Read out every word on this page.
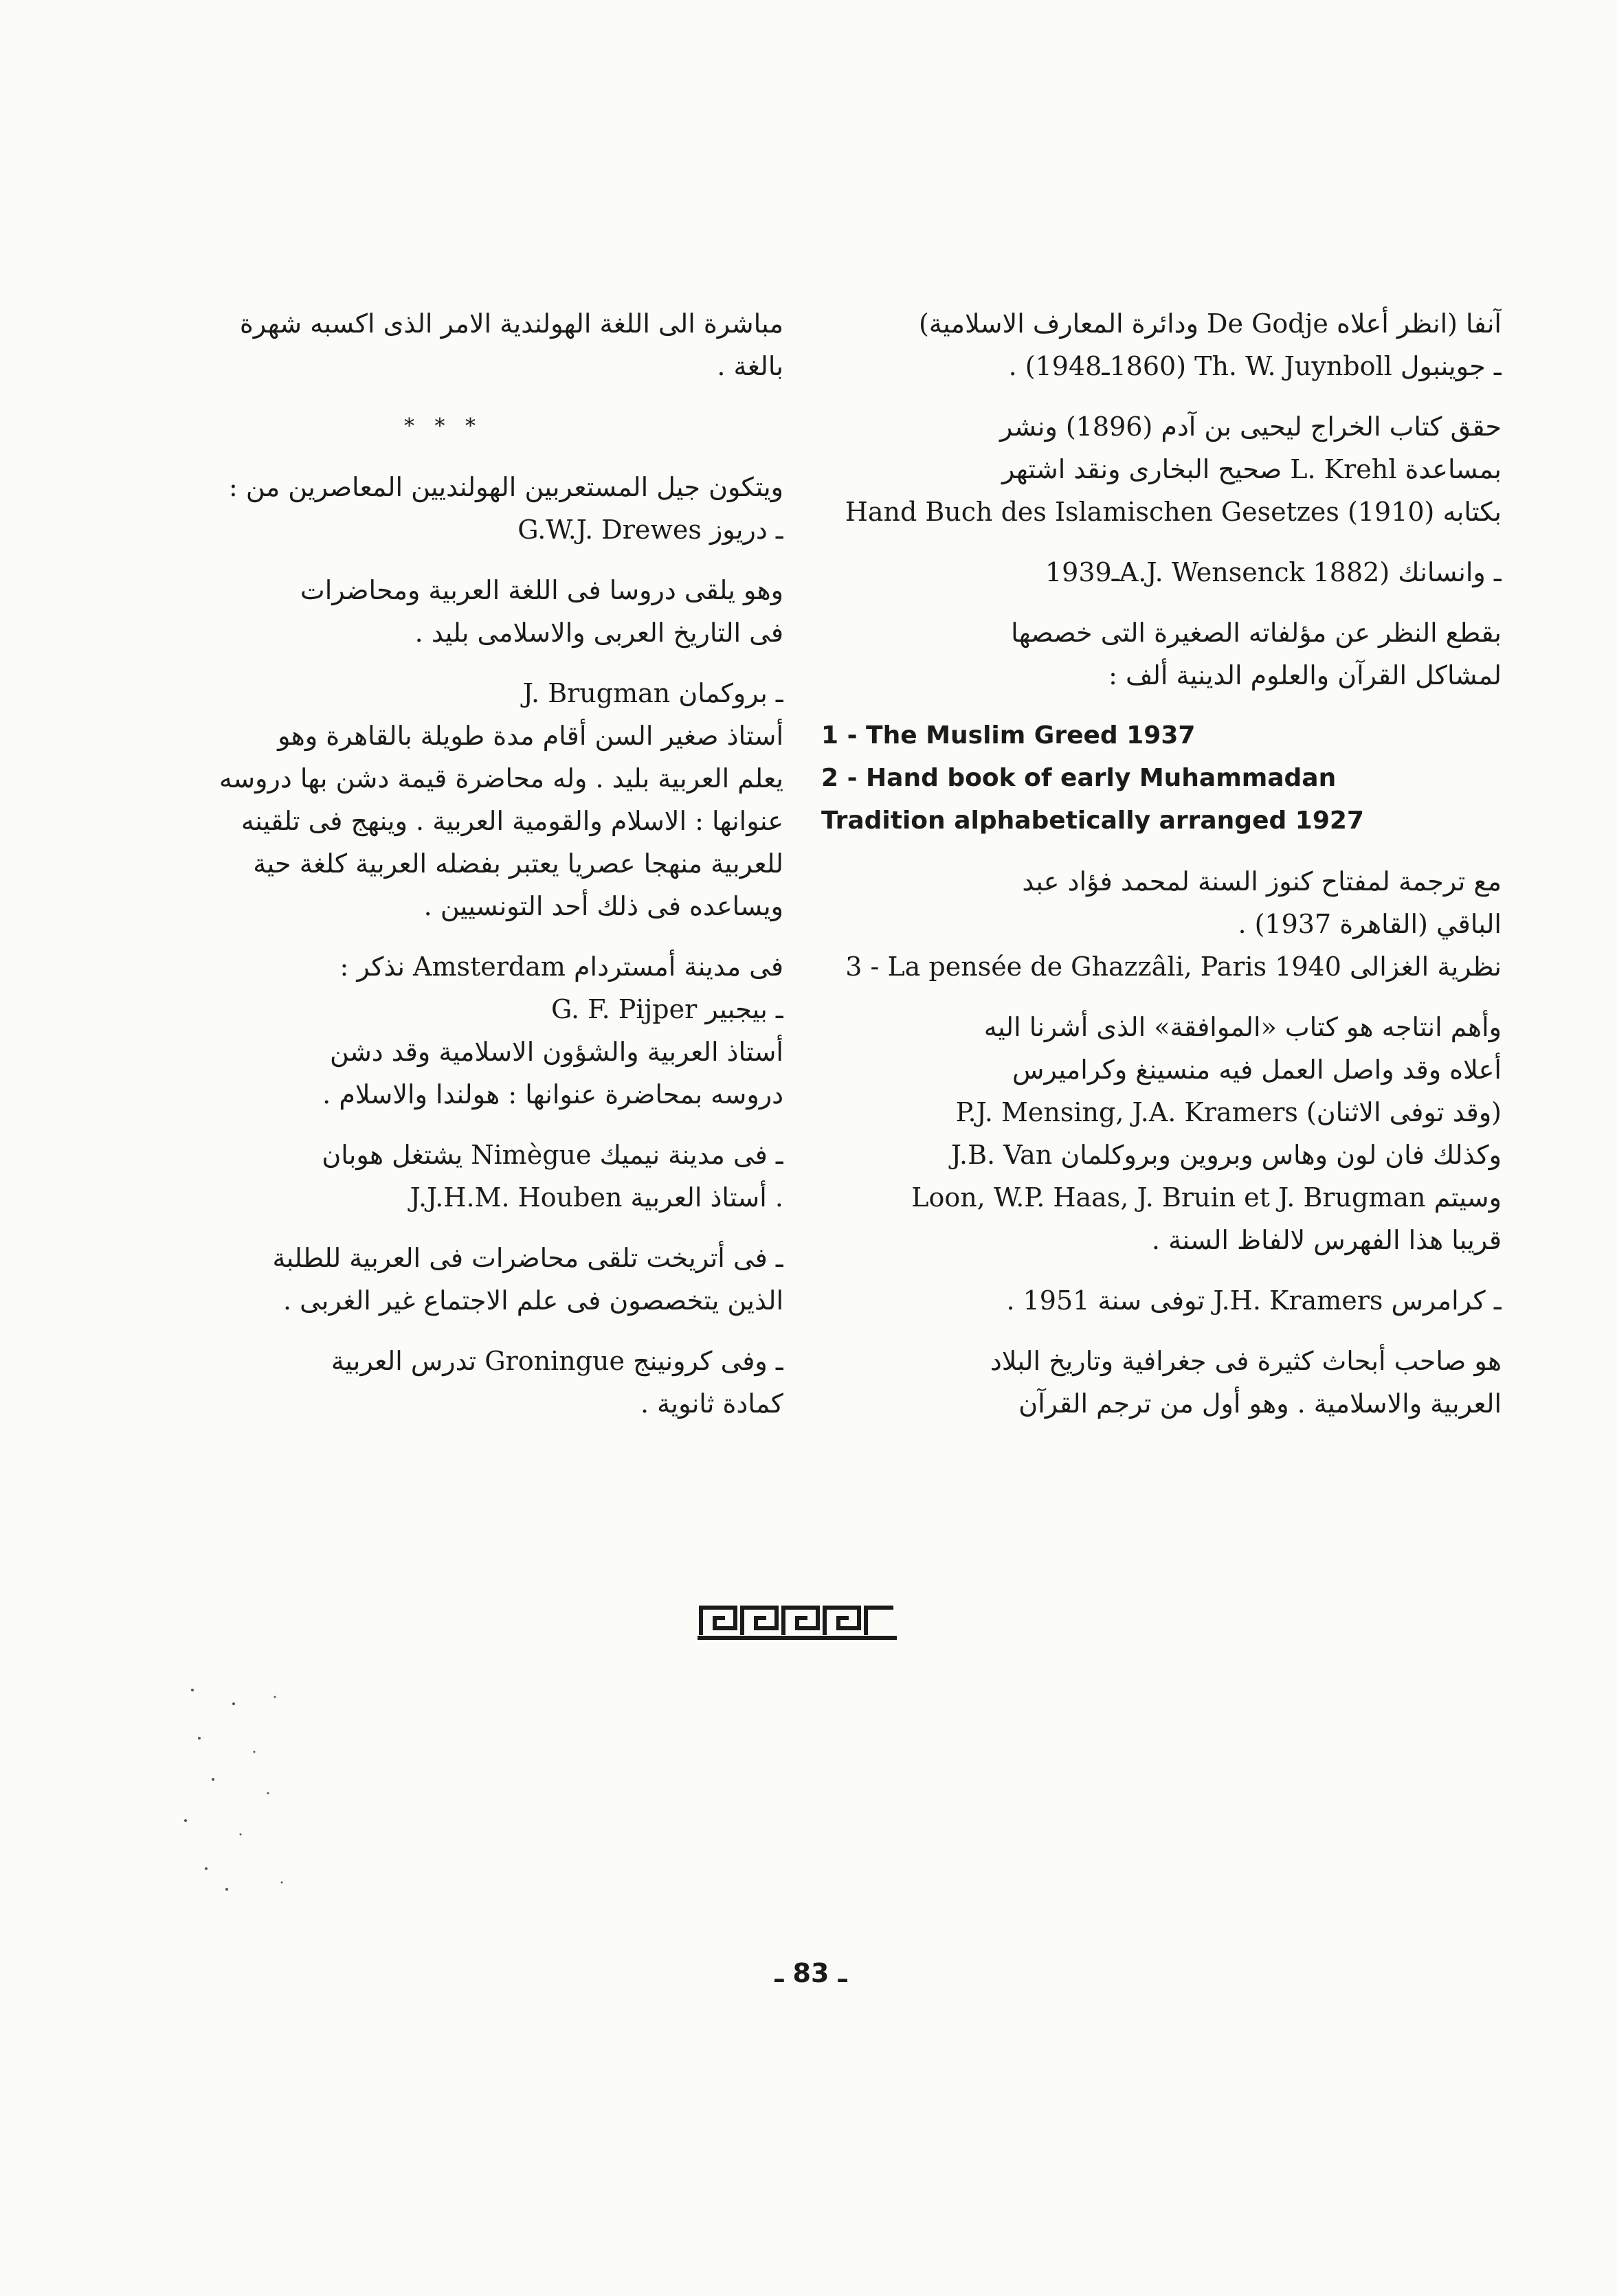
آنفا (انظر أعلاه De Godje ودائرة المعارف الاسلامية)
ـ جوينبول Th. W. Juynboll (1860ـ1948) .
حقق كتاب الخراج ليحيى بن آدم (1896) ونشر
بمساعدة L. Krehl صحيح البخارى ونقد اشتهر
بكتابه Hand Buch des Islamischen Gesetzes (1910)
ـ وانسانك (A.J. Wensenck 1882ـ1939
بقطع النظر عن مؤلفاته الصغيرة التى خصصها
لمشاكل القرآن والعلوم الدينية ألف :
1 - The Muslim Greed 1937
2 - Hand book of early Muhammadan
Tradition alphabetically arranged 1927
مع ترجمة لمفتاح كنوز السنة لمحمد فؤاد عبد
الباقي (القاهرة 1937) .
3 - La pensée de Ghazzâli, Paris 1940 نظرية الغزالى
وأهم انتاجه هو كتاب «الموافقة» الذى أشرنا اليه
أعلاه وقد واصل العمل فيه منسينغ وكراميرس
(وقد توفى الاثنان) P.J. Mensing, J.A. Kramers
وكذلك فان لون وهاس وبروين وبروكلمان J.B. Van
وسيتم Loon, W.P. Haas, J. Bruin et J. Brugman
قريبا هذا الفهرس لالفاظ السنة .
ـ كرامرس J.H. Kramers توفى سنة 1951 .
هو صاحب أبحاث كثيرة فى جغرافية وتاريخ البلاد
العربية والاسلامية . وهو أول من ترجم القرآن
مباشرة الى اللغة الهولندية الامر الذى اكسبه شهرة
بالغة .
* * *
ويتكون جيل المستعربين الهولنديين المعاصرين من :
ـ دريوز G.W.J. Drewes
وهو يلقى دروسا فى اللغة العربية ومحاضرات
فى التاريخ العربى والاسلامى بليد .
ـ بروكمان J. Brugman
أستاذ صغير السن أقام مدة طويلة بالقاهرة وهو
يعلم العربية بليد . وله محاضرة قيمة دشن بها دروسه
عنوانها : الاسلام والقومية العربية . وينهج فى تلقينه
للعربية منهجا عصريا يعتبر بفضله العربية كلغة حية
ويساعده فى ذلك أحد التونسيين .
فى مدينة أمستردام Amsterdam نذكر :
ـ بيجبير G. F. Pijper
أستاذ العربية والشؤون الاسلامية وقد دشن
دروسه بمحاضرة عنوانها : هولندا والاسلام .
ـ فى مدينة نيميك Nimègue يشتغل هوبان
J.J.H.M. Houben أستاذ العربية .
ـ فى أتريخت تلقى محاضرات فى العربية للطلبة
الذين يتخصصون فى علم الاجتماع غير الغربى .
ـ وفى كرونينج Groningue تدرس العربية
كمادة ثانوية .
ـ 83 ـ
